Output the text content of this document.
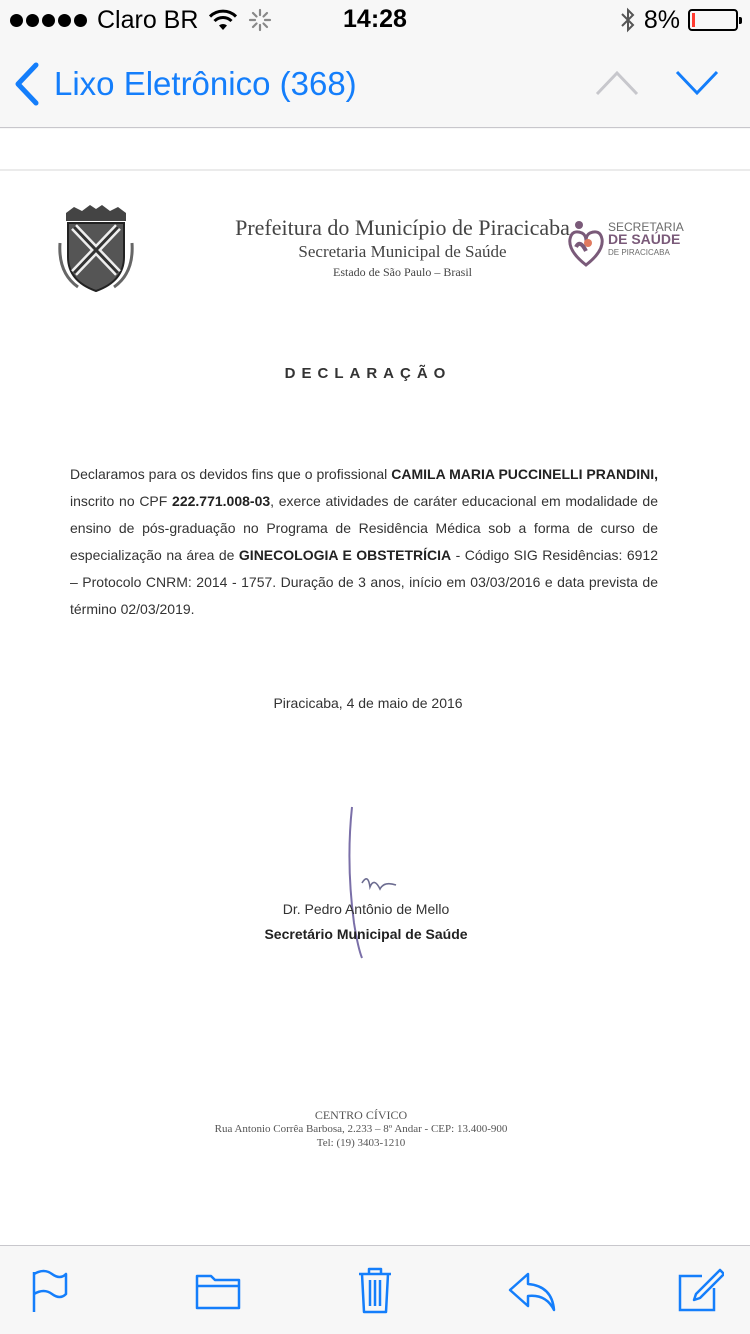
Claro BR	14:28	8%
Lixo Eletrônico (368)
Prefeitura do Município de Piracicaba
Secretaria Municipal de Saúde
Estado de São Paulo – Brasil
SECRETARIA
DE SAÚDE
DE PIRACICABA
DECLARAÇÃO
Declaramos para os devidos fins que o profissional CAMILA MARIA PUCCINELLI PRANDINI, inscrito no CPF 222.771.008-03, exerce atividades de caráter educacional em modalidade de ensino de pós-graduação no Programa de Residência Médica sob a forma de curso de especialização na área de GINECOLOGIA E OBSTETRÍCIA - Código SIG Residências: 6912 – Protocolo CNRM: 2014 - 1757. Duração de 3 anos, início em 03/03/2016 e data prevista de término 02/03/2019.
Piracicaba, 4 de maio de 2016
Dr. Pedro Antônio de Mello
Secretário Municipal de Saúde
CENTRO CÍVICO
Rua Antonio Corrêa Barbosa, 2.233 – 8º Andar - CEP: 13.400-900
Tel: (19) 3403-1210
